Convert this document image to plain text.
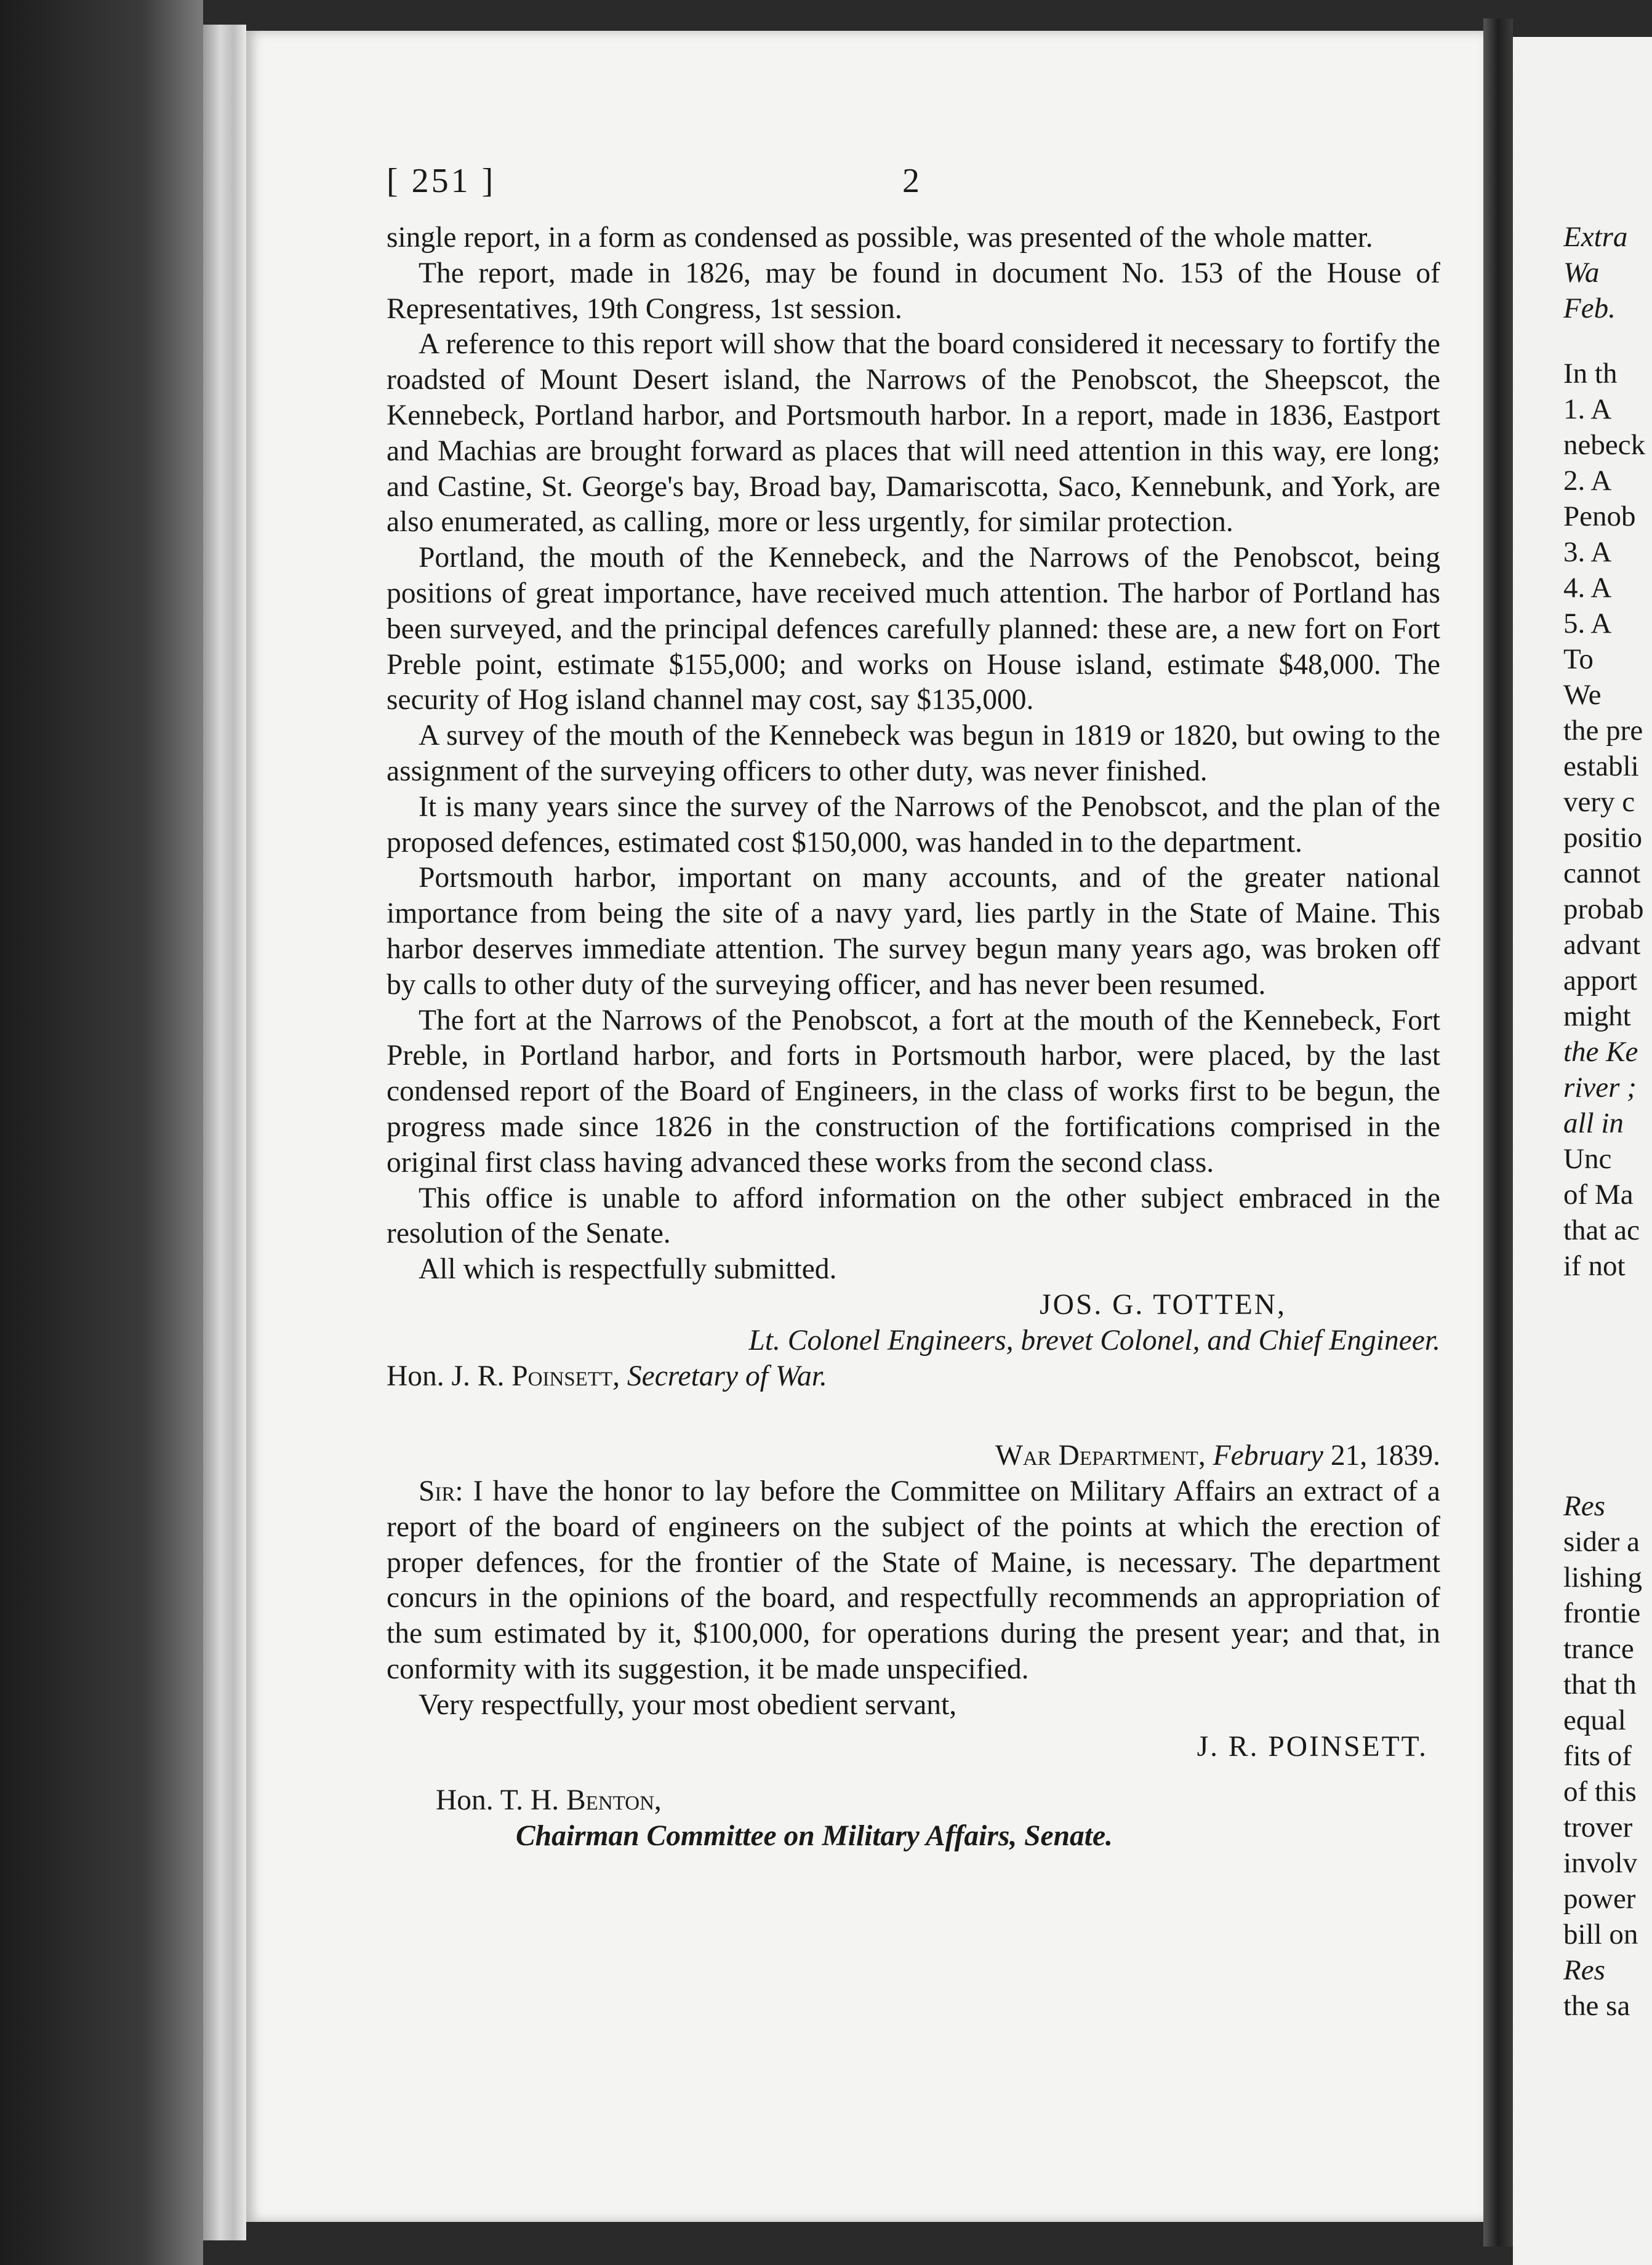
[ 251 ]	2

single report, in a form as condensed as possible, was presented of the whole matter.

The report, made in 1826, may be found in document No. 153 of the House of Representatives, 19th Congress, 1st session.

A reference to this report will show that the board considered it necessary to fortify the roadsted of Mount Desert island, the Narrows of the Penobscot, the Sheepscot, the Kennebeck, Portland harbor, and Portsmouth harbor. In a report, made in 1836, Eastport and Machias are brought forward as places that will need attention in this way, ere long; and Castine, St. George's bay, Broad bay, Damariscotta, Saco, Kennebunk, and York, are also enumerated, as calling, more or less urgently, for similar protection.

Portland, the mouth of the Kennebeck, and the Narrows of the Penobscot, being positions of great importance, have received much attention. The harbor of Portland has been surveyed, and the principal defences carefully planned: these are, a new fort on Fort Preble point, estimate $155,000; and works on House island, estimate $48,000. The security of Hog island channel may cost, say $135,000.

A survey of the mouth of the Kennebeck was begun in 1819 or 1820, but owing to the assignment of the surveying officers to other duty, was never finished.

It is many years since the survey of the Narrows of the Penobscot, and the plan of the proposed defences, estimated cost $150,000, was handed in to the department.

Portsmouth harbor, important on many accounts, and of the greater national importance from being the site of a navy yard, lies partly in the State of Maine. This harbor deserves immediate attention. The survey begun many years ago, was broken off by calls to other duty of the surveying officer, and has never been resumed.

The fort at the Narrows of the Penobscot, a fort at the mouth of the Kennebeck, Fort Preble, in Portland harbor, and forts in Portsmouth harbor, were placed, by the last condensed report of the Board of Engineers, in the class of works first to be begun, the progress made since 1826 in the construction of the fortifications comprised in the original first class having advanced these works from the second class.

This office is unable to afford information on the other subject embraced in the resolution of the Senate.

All which is respectfully submitted.

JOS. G. TOTTEN,
Lt. Colonel Engineers, brevet Colonel, and Chief Engineer.
Hon. J. R. Poinsett, Secretary of War.
War Department, February 21, 1839.

Sir: I have the honor to lay before the Committee on Military Affairs an extract of a report of the board of engineers on the subject of the points at which the erection of proper defences, for the frontier of the State of Maine, is necessary. The department concurs in the opinions of the board, and respectfully recommends an appropriation of the sum estimated by it, $100,000, for operations during the present year; and that, in conformity with its suggestion, it be made unspecified.

Very respectfully, your most obedient servant,

J. R. POINSETT.
Hon. T. H. Benton,
Chairman Committee on Military Affairs, Senate.
Extra
Wa
Feb.
In th
1. A
nebeck
2. A
Penob
3. A
4. A
5. A
To
We
the pre
establi
very c
positio
cannot
probab
advant
apport
might
the Ke
river ;
all in
Unc
of Ma
that ac
if not
Res
sider a
lishing
frontie
trance
that th
equal
fits of
of this
trover
involv
power
bill on
Res
the sa
